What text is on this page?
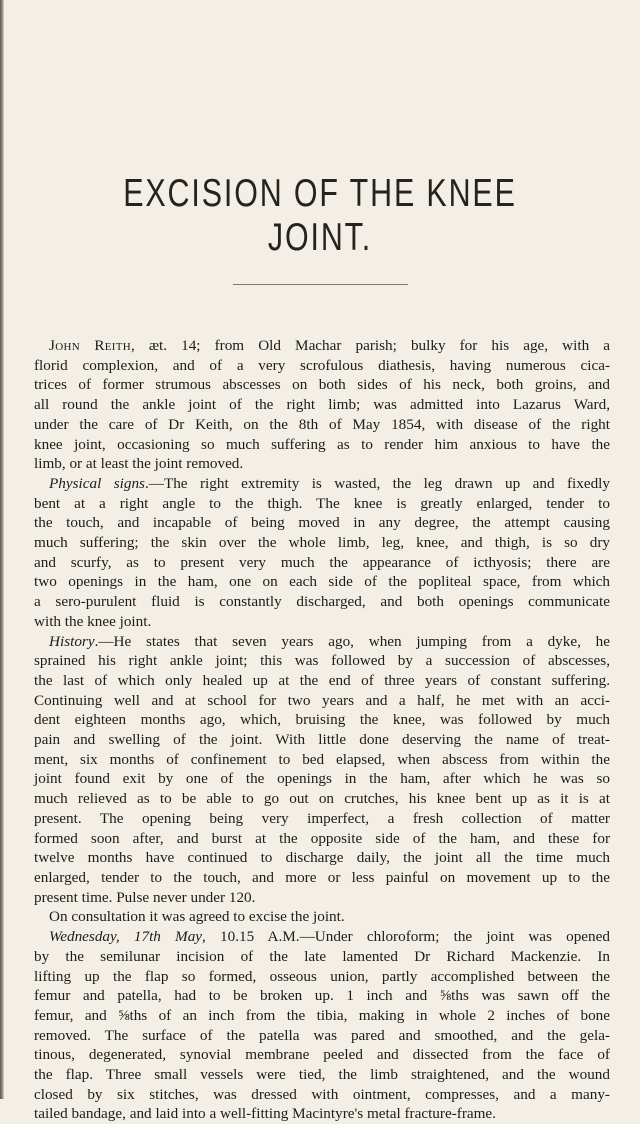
EXCISION OF THE KNEE JOINT.
John Reith, æt. 14; from Old Machar parish; bulky for his age, with a
florid complexion, and of a very scrofulous diathesis, having numerous cica-
trices of former strumous abscesses on both sides of his neck, both groins, and
all round the ankle joint of the right limb; was admitted into Lazarus Ward,
under the care of Dr Keith, on the 8th of May 1854, with disease of the right
knee joint, occasioning so much suffering as to render him anxious to have the
limb, or at least the joint removed.
Physical signs.—The right extremity is wasted, the leg drawn up and fixedly
bent at a right angle to the thigh. The knee is greatly enlarged, tender to
the touch, and incapable of being moved in any degree, the attempt causing
much suffering; the skin over the whole limb, leg, knee, and thigh, is so dry
and scurfy, as to present very much the appearance of icthyosis; there are
two openings in the ham, one on each side of the popliteal space, from which
a sero-purulent fluid is constantly discharged, and both openings communicate
with the knee joint.
History.—He states that seven years ago, when jumping from a dyke, he
sprained his right ankle joint; this was followed by a succession of abscesses,
the last of which only healed up at the end of three years of constant suffering.
Continuing well and at school for two years and a half, he met with an acci-
dent eighteen months ago, which, bruising the knee, was followed by much
pain and swelling of the joint. With little done deserving the name of treat-
ment, six months of confinement to bed elapsed, when abscess from within the
joint found exit by one of the openings in the ham, after which he was so
much relieved as to be able to go out on crutches, his knee bent up as it is at
present. The opening being very imperfect, a fresh collection of matter
formed soon after, and burst at the opposite side of the ham, and these for
twelve months have continued to discharge daily, the joint all the time much
enlarged, tender to the touch, and more or less painful on movement up to the
present time. Pulse never under 120.
On consultation it was agreed to excise the joint.
Wednesday, 17th May, 10.15 A.M.—Under chloroform; the joint was opened
by the semilunar incision of the late lamented Dr Richard Mackenzie. In
lifting up the flap so formed, osseous union, partly accomplished between the
femur and patella, had to be broken up. 1 inch and ⅝ths was sawn off the
femur, and ⅝ths of an inch from the tibia, making in whole 2 inches of bone
removed. The surface of the patella was pared and smoothed, and the gela-
tinous, degenerated, synovial membrane peeled and dissected from the face of
the flap. Three small vessels were tied, the limb straightened, and the wound
closed by six stitches, was dressed with ointment, compresses, and a many-
tailed bandage, and laid into a well-fitting Macintyre's metal fracture-frame.
